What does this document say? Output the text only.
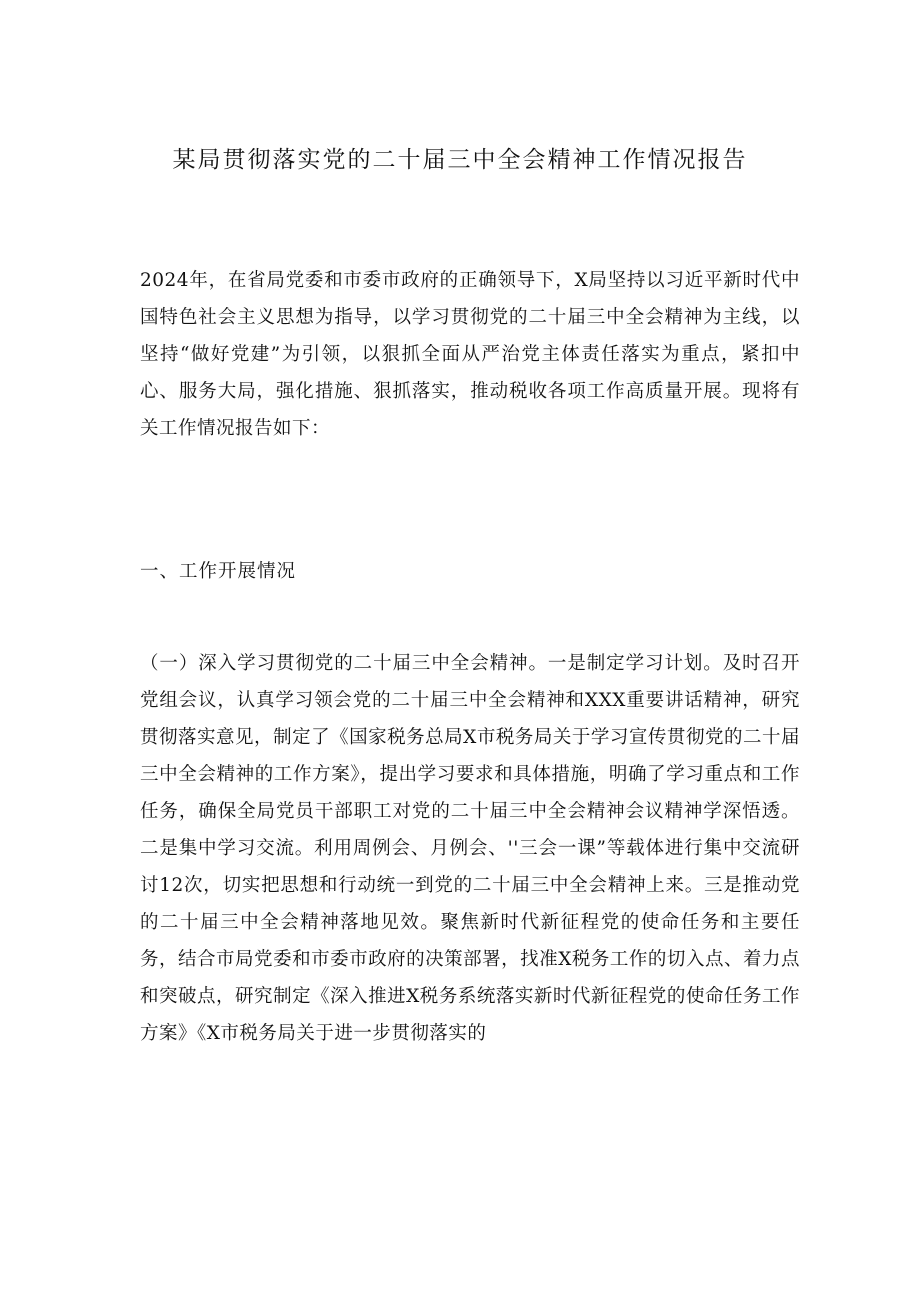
某局贯彻落实党的二十届三中全会精神工作情况报告

2024年，在省局党委和市委市政府的正确领导下，X局坚持以习近平新时代中国特色社会主义思想为指导，以学习贯彻党的二十届三中全会精神为主线，以坚持“做好党建”为引领，以狠抓全面从严治党主体责任落实为重点，紧扣中心、服务大局，强化措施、狠抓落实，推动税收各项工作高质量开展。现将有关工作情况报告如下：

一、工作开展情况

（一）深入学习贯彻党的二十届三中全会精神。一是制定学习计划。及时召开党组会议，认真学习领会党的二十届三中全会精神和XXX重要讲话精神，研究贯彻落实意见，制定了《国家税务总局X市税务局关于学习宣传贯彻党的二十届三中全会精神的工作方案》，提出学习要求和具体措施，明确了学习重点和工作任务，确保全局党员干部职工对党的二十届三中全会精神会议精神学深悟透。二是集中学习交流。利用周例会、月例会、''三会一课”等载体进行集中交流研讨12次，切实把思想和行动统一到党的二十届三中全会精神上来。三是推动党的二十届三中全会精神落地见效。聚焦新时代新征程党的使命任务和主要任务，结合市局党委和市委市政府的决策部署，找准X税务工作的切入点、着力点和突破点，研究制定《深入推进X税务系统落实新时代新征程党的使命任务工作方案》《X市税务局关于进一步贯彻落实的
